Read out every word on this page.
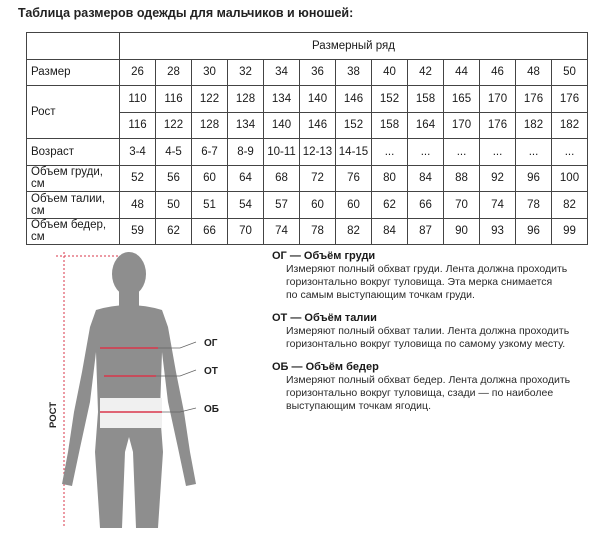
Таблица размеров одежды для мальчиков и юношей:
	Размерный ряд												
Размер	26	28	30	32	34	36	38	40	42	44	46	48	50
Рост	110	116	122	128	134	140	146	152	158	165	170	176	176
	116	122	128	134	140	146	152	158	164	170	176	182	182
Возраст	3-4	4-5	6-7	8-9	10-11	12-13	14-15	...	...	...	...	...	...
Объем груди, см	52	56	60	64	68	72	76	80	84	88	92	96	100
Объем талии, см	48	50	51	54	57	60	60	62	66	70	74	78	82
Объем бедер, см	59	62	66	70	74	78	82	84	87	90	93	96	99
ОГ
ОТ
ОБ
РОСТ
ОГ — Объём груди
Измеряют полный обхват груди. Лента должна проходить
горизонтально вокруг туловища. Эта мерка снимается
по самым выступающим точкам груди.
ОТ — Объём талии
Измеряют полный обхват талии. Лента должна проходить
горизонтально вокруг туловища по самому узкому месту.
ОБ — Объём бедер
Измеряют полный обхват бедер. Лента должна проходить
горизонтально вокруг туловища, сзади — по наиболее
выступающим точкам ягодиц.
